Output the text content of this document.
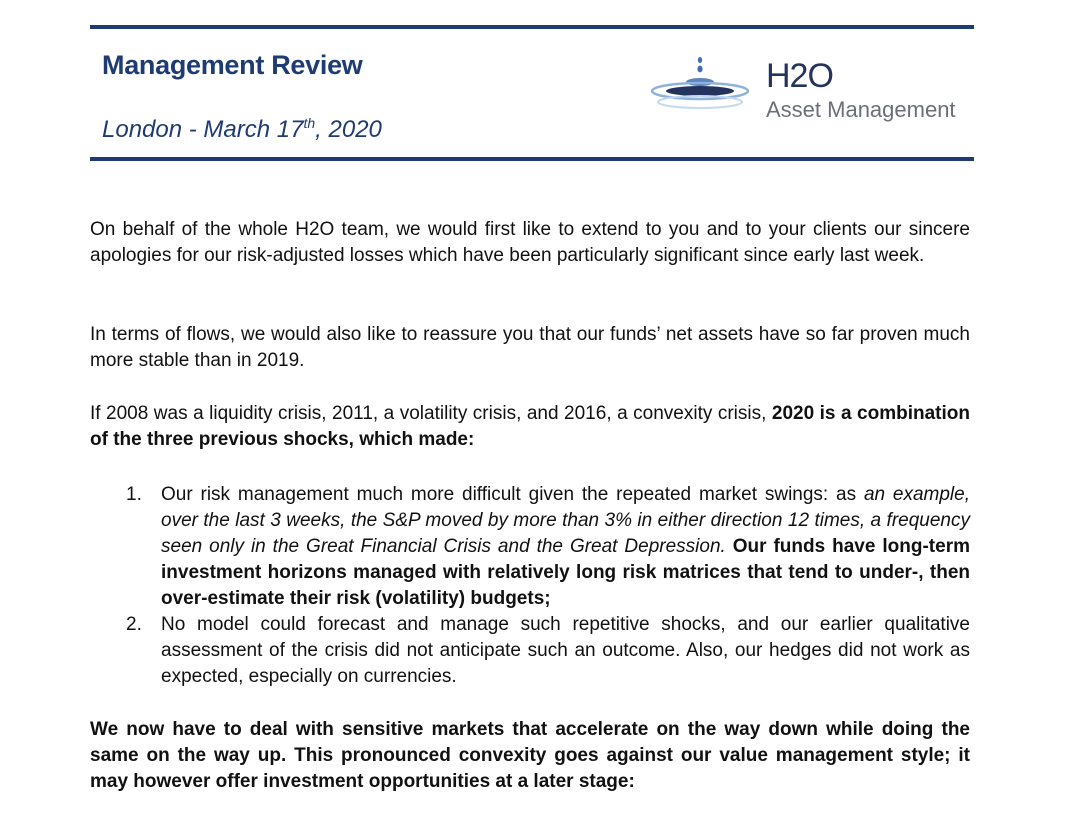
Management Review

London - March 17th, 2020

H2O
Asset Management

On behalf of the whole H2O team, we would first like to extend to you and to your clients our sincere apologies for our risk-adjusted losses which have been particularly significant since early last week.

In terms of flows, we would also like to reassure you that our funds’ net assets have so far proven much more stable than in 2019.

If 2008 was a liquidity crisis, 2011, a volatility crisis, and 2016, a convexity crisis, 2020 is a combination of the three previous shocks, which made:

1. Our risk management much more difficult given the repeated market swings: as an example, over the last 3 weeks, the S&P moved by more than 3% in either direction 12 times, a frequency seen only in the Great Financial Crisis and the Great Depression. Our funds have long-term investment horizons managed with relatively long risk matrices that tend to under-, then over-estimate their risk (volatility) budgets;
2. No model could forecast and manage such repetitive shocks, and our earlier qualitative assessment of the crisis did not anticipate such an outcome. Also, our hedges did not work as expected, especially on currencies.

We now have to deal with sensitive markets that accelerate on the way down while doing the same on the way up. This pronounced convexity goes against our value management style; it may however offer investment opportunities at a later stage:
